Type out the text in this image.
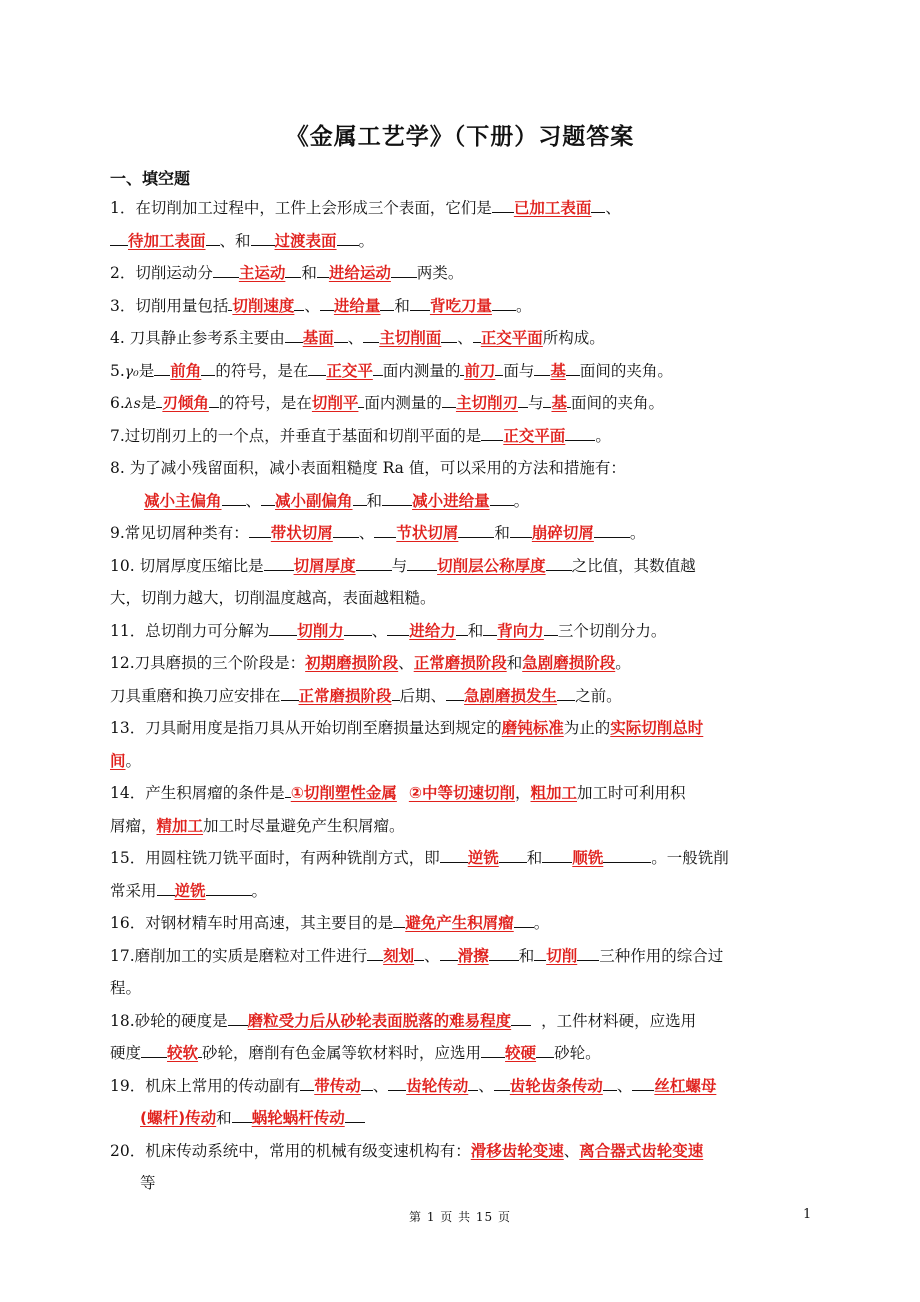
《金属工艺学》（下册）习题答案
一、填空题
1．在切削加工过程中，工件上会形成三个表面，它们是 已加工表面 、
待加工表面 、和 过渡表面 。
2．切削运动分 主运动 和 进给运动 两类。
3．切削用量包括 切削速度 、 进给量 和 背吃刀量 。
4. 刀具静止参考系主要由 基面 、 主切削面 、 正交平面所构成。
5.γ₀是 前角 的符号，是在 正交平 面内测量的 前刀 面与 基 面间的夹角。
6.λs是 刃倾角 的符号，是在切削平 面内测量的 主切削刃 与 基 面间的夹角。
7.过切削刃上的一个点，并垂直于基面和切削平面的是 正交平面 。
8. 为了减小残留面积，减小表面粗糙度 Ra 值，可以采用的方法和措施有：
减小主偏角 、 减小副偏角 和 减小进给量 。
9.常见切屑种类有： 带状切屑 、 节状切屑 和 崩碎切屑 。
10. 切屑厚度压缩比是 切屑厚度 与 切削层公称厚度 之比值，其数值越
大，切削力越大，切削温度越高，表面越粗糙。
11．总切削力可分解为 切削力 、 进给力 和 背向力 三个切削分力。
12.刀具磨损的三个阶段是：初期磨损阶段、正常磨损阶段和急剧磨损阶段。
刀具重磨和换刀应安排在 正常磨损阶段 后期、 急剧磨损发生 之前。
13．刀具耐用度是指刀具从开始切削至磨损量达到规定的磨钝标准为止的实际切削总时
间。
14．产生积屑瘤的条件是 ①切削塑性金属 ②中等切速切削，粗加工加工时可利用积
屑瘤，精加工加工时尽量避免产生积屑瘤。
15．用圆柱铣刀铣平面时，有两种铣削方式，即 逆铣 和 顺铣	。一般铣削
常采用 逆铣	。
16．对钢材精车时用高速，其主要目的是 避免产生积屑瘤 。
17.磨削加工的实质是磨粒对工件进行 刻划 、 滑擦 和 切削 三种作用的综合过
程。
18.砂轮的硬度是 磨粒受力后从砂轮表面脱落的难易程度 ，工件材料硬，应选用
硬度 较软 砂轮，磨削有色金属等软材料时，应选用 较硬 砂轮。
19．机床上常用的传动副有 带传动 、 齿轮传动 、 齿轮齿条传动 、 丝杠螺母
(螺杆)传动和 蜗轮蜗杆传动
20．机床传动系统中，常用的机械有级变速机构有：滑移齿轮变速、离合器式齿轮变速
等
第 1 页 共 15 页	1
